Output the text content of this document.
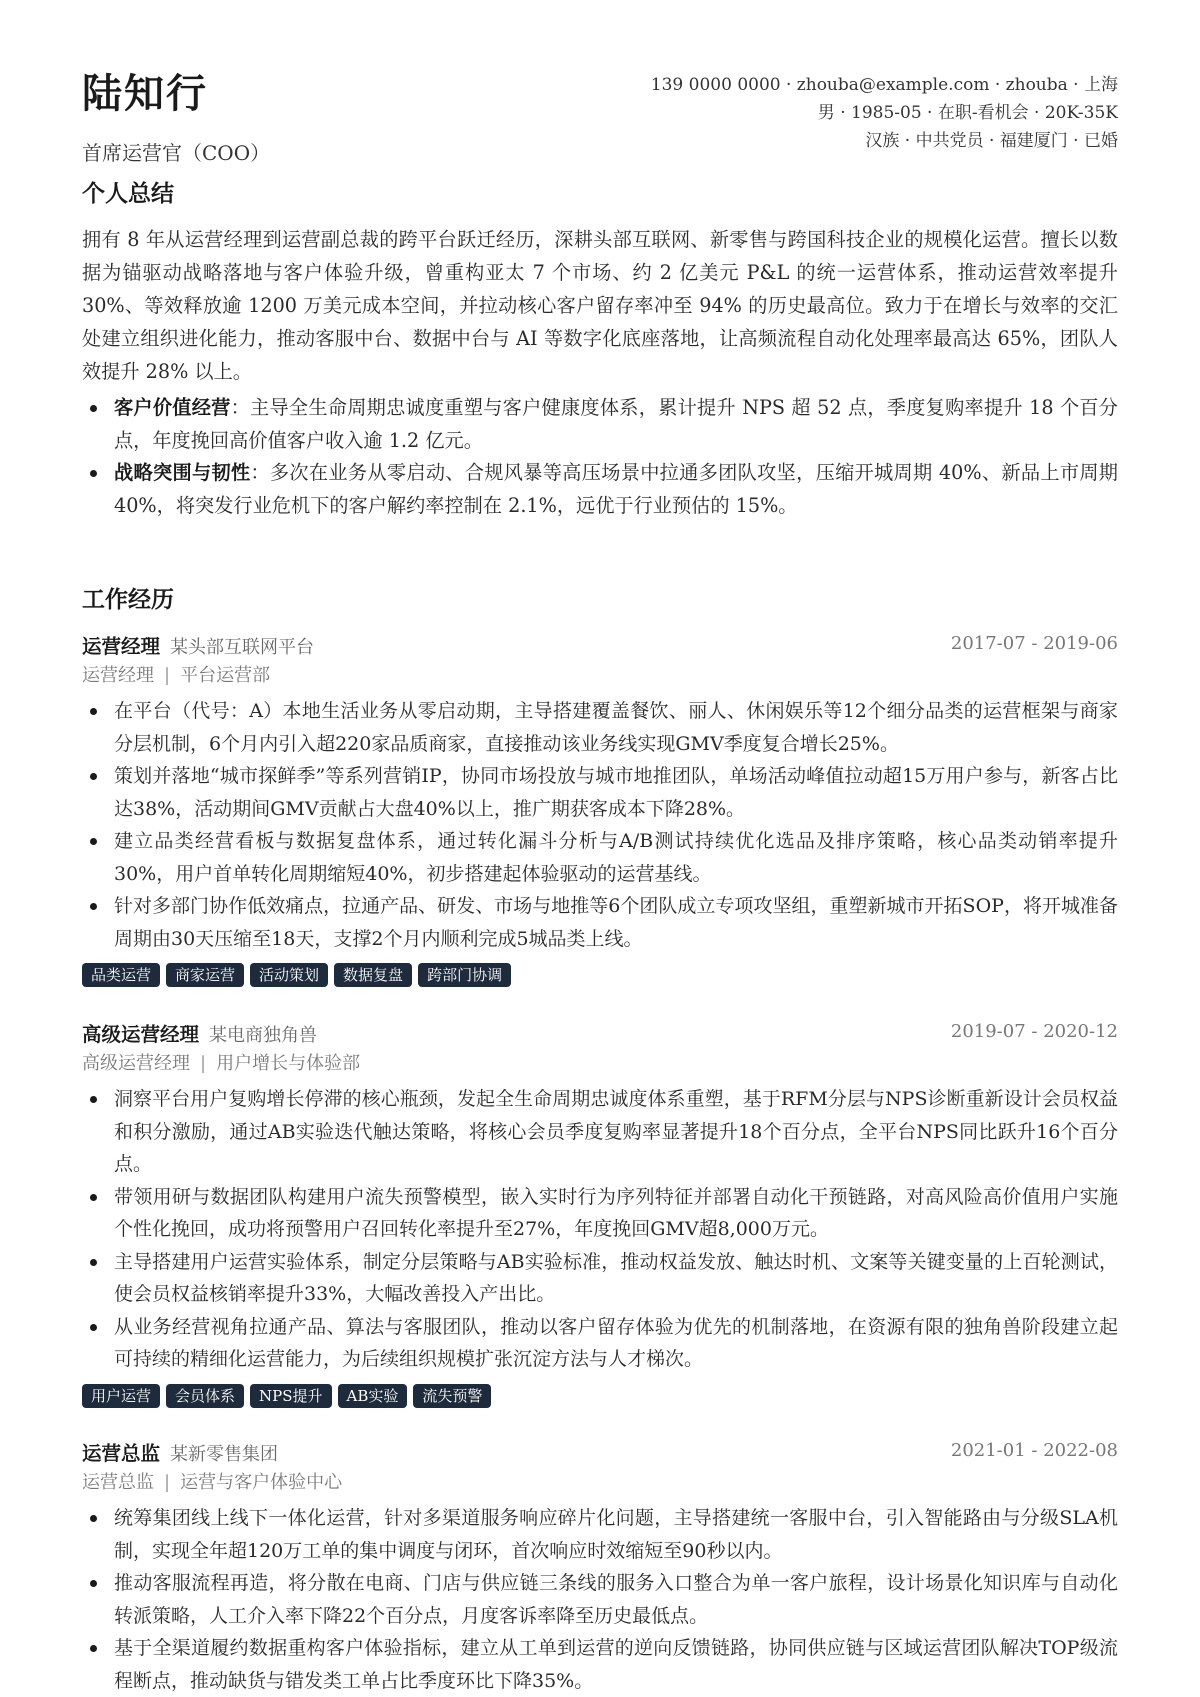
陆知行

首席运营官（COO）

139 0000 0000 · zhouba@example.com · zhouba · 上海
男 · 1985-05 · 在职-看机会 · 20K-35K
汉族 · 中共党员 · 福建厦门 · 已婚
个人总结

拥有 8 年从运营经理到运营副总裁的跨平台跃迁经历，深耕头部互联网、新零售与跨国科技企业的规模化运营。擅长以数据为锚驱动战略落地与客户体验升级，曾重构亚太 7 个市场、约 2 亿美元 P&L 的统一运营体系，推动运营效率提升 30%、等效释放逾 1200 万美元成本空间，并拉动核心客户留存率冲至 94% 的历史最高位。致力于在增长与效率的交汇处建立组织进化能力，推动客服中台、数据中台与 AI 等数字化底座落地，让高频流程自动化处理率最高达 65%，团队人效提升 28% 以上。

客户价值经营：主导全生命周期忠诚度重塑与客户健康度体系，累计提升 NPS 超 52 点，季度复购率提升 18 个百分点，年度挽回高价值客户收入逾 1.2 亿元。
战略突围与韧性：多次在业务从零启动、合规风暴等高压场景中拉通多团队攻坚，压缩开城周期 40%、新品上市周期 40%，将突发行业危机下的客户解约率控制在 2.1%，远优于行业预估的 15%。
工作经历
运营经理 某头部互联网平台	2017-07 - 2019-06
运营经理 | 平台运营部
在平台（代号：A）本地生活业务从零启动期，主导搭建覆盖餐饮、丽人、休闲娱乐等12个细分品类的运营框架与商家分层机制，6个月内引入超220家品质商家，直接推动该业务线实现GMV季度复合增长25%。
策划并落地“城市探鲜季”等系列营销IP，协同市场投放与城市地推团队，单场活动峰值拉动超15万用户参与，新客占比达38%，活动期间GMV贡献占大盘40%以上，推广期获客成本下降28%。
建立品类经营看板与数据复盘体系，通过转化漏斗分析与A/B测试持续优化选品及排序策略，核心品类动销率提升30%，用户首单转化周期缩短40%，初步搭建起体验驱动的运营基线。
针对多部门协作低效痛点，拉通产品、研发、市场与地推等6个团队成立专项攻坚组，重塑新城市开拓SOP，将开城准备周期由30天压缩至18天，支撑2个月内顺利完成5城品类上线。
品类运营	商家运营	活动策划	数据复盘	跨部门协调
高级运营经理 某电商独角兽	2019-07 - 2020-12
高级运营经理 | 用户增长与体验部
洞察平台用户复购增长停滞的核心瓶颈，发起全生命周期忠诚度体系重塑，基于RFM分层与NPS诊断重新设计会员权益和积分激励，通过AB实验迭代触达策略，将核心会员季度复购率显著提升18个百分点，全平台NPS同比跃升16个百分点。
带领用研与数据团队构建用户流失预警模型，嵌入实时行为序列特征并部署自动化干预链路，对高风险高价值用户实施个性化挽回，成功将预警用户召回转化率提升至27%，年度挽回GMV超8,000万元。
主导搭建用户运营实验体系，制定分层策略与AB实验标准，推动权益发放、触达时机、文案等关键变量的上百轮测试，使会员权益核销率提升33%，大幅改善投入产出比。
从业务经营视角拉通产品、算法与客服团队，推动以客户留存体验为优先的机制落地，在资源有限的独角兽阶段建立起可持续的精细化运营能力，为后续组织规模扩张沉淀方法与人才梯次。
用户运营	会员体系	NPS提升	AB实验	流失预警
运营总监 某新零售集团	2021-01 - 2022-08
运营总监 | 运营与客户体验中心
统筹集团线上线下一体化运营，针对多渠道服务响应碎片化问题，主导搭建统一客服中台，引入智能路由与分级SLA机制，实现全年超120万工单的集中调度与闭环，首次响应时效缩短至90秒以内。
推动客服流程再造，将分散在电商、门店与供应链三条线的服务入口整合为单一客户旅程，设计场景化知识库与自动化转派策略，人工介入率下降22个百分点，月度客诉率降至历史最低点。
基于全渠道履约数据重构客户体验指标，建立从工单到运营的逆向反馈链路，协同供应链与区域运营团队解决TOP级流程断点，推动缺货与错发类工单占比季度环比下降35%。
